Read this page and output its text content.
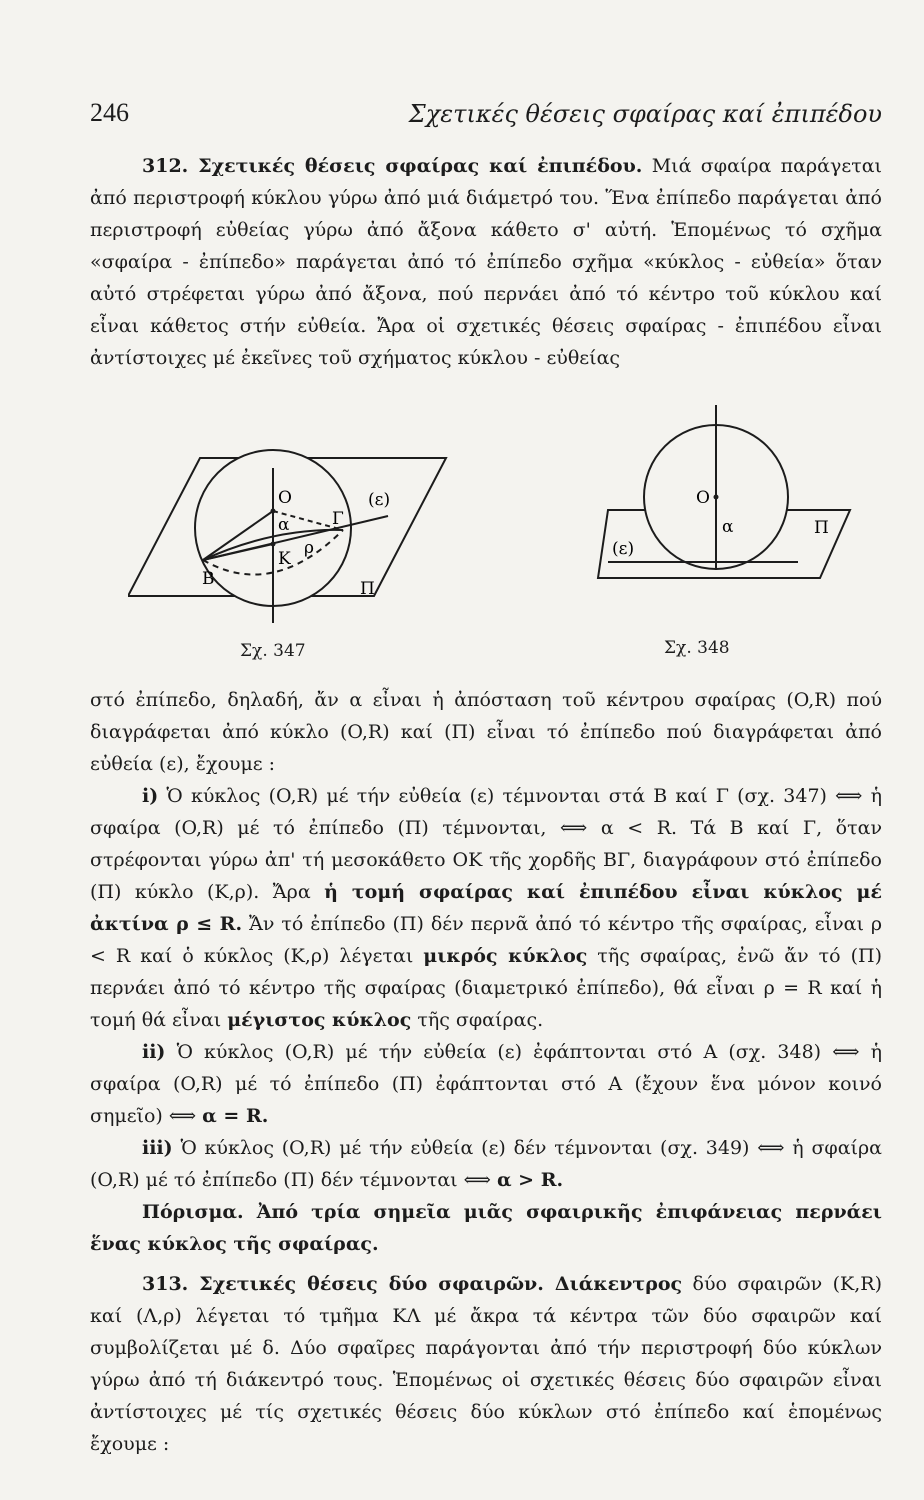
246	Σχετικές θέσεις σφαίρας καί ἐπιπέδου

312. Σχετικές θέσεις σφαίρας καί ἐπιπέδου. Μιά σφαίρα παράγεται ἀπό περιστροφή κύκλου γύρω ἀπό μιά διάμετρό του. Ἕνα ἐπίπεδο παράγεται ἀπό περιστροφή εὐθείας γύρω ἀπό ἄξονα κάθετο σ' αὐτή. Ἑπομένως τό σχῆμα «σφαίρα - ἐπίπεδο» παράγεται ἀπό τό ἐπίπεδο σχῆμα «κύκλος - εὐθεία» ὅταν αὐτό στρέφεται γύρω ἀπό ἄξονα, πού περνάει ἀπό τό κέντρο τοῦ κύκλου καί εἶναι κάθετος στήν εὐθεία. Ἄρα οἱ σχετικές θέσεις σφαίρας - ἐπιπέδου εἶναι ἀντίστοιχες μέ ἐκεῖνες τοῦ σχήματος κύκλου - εὐθείας

O
α	Γ
K
ρ
B
(ε)
Π
Σχ. 347
O
α
(ε)
Π
Σχ. 348

στό ἐπίπεδο, δηλαδή, ἄν α εἶναι ἡ ἀπόσταση τοῦ κέντρου σφαίρας (O,R) πού διαγράφεται ἀπό κύκλο (O,R) καί (Π) εἶναι τό ἐπίπεδο πού διαγράφεται ἀπό εὐθεία (ε), ἔχουμε :

i) Ὁ κύκλος (O,R) μέ τήν εὐθεία (ε) τέμνονται στά B καί Γ (σχ. 347) ⟺ ἡ σφαίρα (O,R) μέ τό ἐπίπεδο (Π) τέμνονται, ⟺ α < R. Τά B καί Γ, ὅταν στρέφονται γύρω ἀπ' τή μεσοκάθετο OK τῆς χορδῆς BΓ, διαγράφουν στό ἐπίπεδο (Π) κύκλο (K,ρ). Ἄρα ἡ τομή σφαίρας καί ἐπιπέδου εἶναι κύκλος μέ ἀκτίνα ρ ≤ R. Ἄν τό ἐπίπεδο (Π) δέν περνᾶ ἀπό τό κέντρο τῆς σφαίρας, εἶναι ρ < R καί ὁ κύκλος (K,ρ) λέγεται μικρός κύκλος τῆς σφαίρας, ἐνῶ ἄν τό (Π) περνάει ἀπό τό κέντρο τῆς σφαίρας (διαμετρικό ἐπίπεδο), θά εἶναι ρ = R καί ἡ τομή θά εἶναι μέγιστος κύκλος τῆς σφαίρας.

ii) Ὁ κύκλος (O,R) μέ τήν εὐθεία (ε) ἐφάπτονται στό A (σχ. 348) ⟺ ἡ σφαίρα (O,R) μέ τό ἐπίπεδο (Π) ἐφάπτονται στό A (ἔχουν ἕνα μόνον κοινό σημεῖο) ⟺ α = R.

iii) Ὁ κύκλος (O,R) μέ τήν εὐθεία (ε) δέν τέμνονται (σχ. 349) ⟺ ἡ σφαίρα (O,R) μέ τό ἐπίπεδο (Π) δέν τέμνονται ⟺ α > R.

Πόρισμα. Ἀπό τρία σημεῖα μιᾶς σφαιρικῆς ἐπιφάνειας περνάει ἕνας κύκλος τῆς σφαίρας.

313. Σχετικές θέσεις δύο σφαιρῶν. Διάκεντρος δύο σφαιρῶν (K,R) καί (Λ,ρ) λέγεται τό τμῆμα KΛ μέ ἄκρα τά κέντρα τῶν δύο σφαιρῶν καί συμβολίζεται μέ δ. Δύο σφαῖρες παράγονται ἀπό τήν περιστροφή δύο κύκλων γύρω ἀπό τή διάκεντρό τους. Ἑπομένως οἱ σχετικές θέσεις δύο σφαιρῶν εἶναι ἀντίστοιχες μέ τίς σχετικές θέσεις δύο κύκλων στό ἐπίπεδο καί ἑπομένως ἔχουμε :
